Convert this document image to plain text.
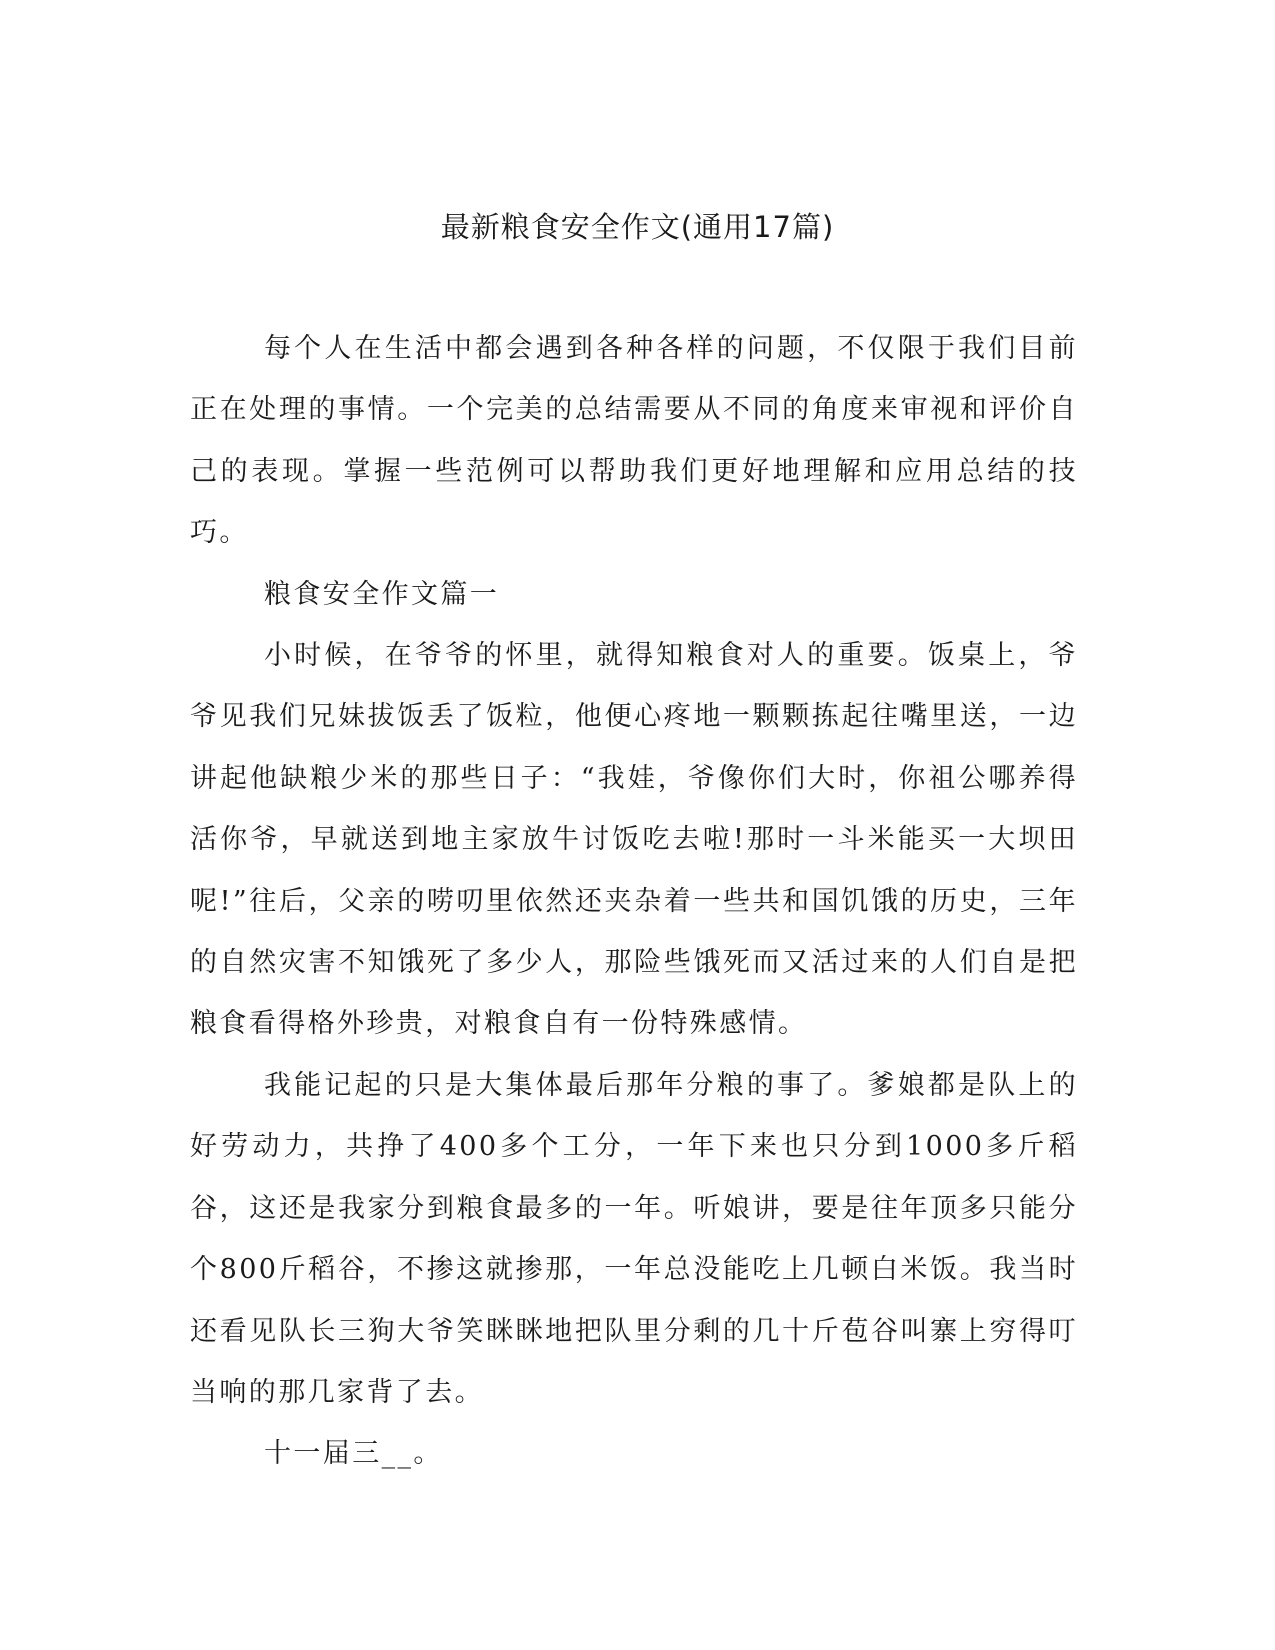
最新粮食安全作文(通用17篇)

每个人在生活中都会遇到各种各样的问题，不仅限于我们目前正在处理的事情。一个完美的总结需要从不同的角度来审视和评价自己的表现。掌握一些范例可以帮助我们更好地理解和应用总结的技巧。

粮食安全作文篇一

小时候，在爷爷的怀里，就得知粮食对人的重要。饭桌上，爷爷见我们兄妹拔饭丢了饭粒，他便心疼地一颗颗拣起往嘴里送，一边讲起他缺粮少米的那些日子：“我娃，爷像你们大时，你祖公哪养得活你爷，早就送到地主家放牛讨饭吃去啦!那时一斗米能买一大坝田呢!”往后，父亲的唠叨里依然还夹杂着一些共和国饥饿的历史，三年的自然灾害不知饿死了多少人，那险些饿死而又活过来的人们自是把粮食看得格外珍贵，对粮食自有一份特殊感情。

我能记起的只是大集体最后那年分粮的事了。爹娘都是队上的好劳动力，共挣了400多个工分，一年下来也只分到1000多斤稻谷，这还是我家分到粮食最多的一年。听娘讲，要是往年顶多只能分个800斤稻谷，不掺这就掺那，一年总没能吃上几顿白米饭。我当时还看见队长三狗大爷笑眯眯地把队里分剩的几十斤苞谷叫寨上穷得叮当响的那几家背了去。

十一届三__。
